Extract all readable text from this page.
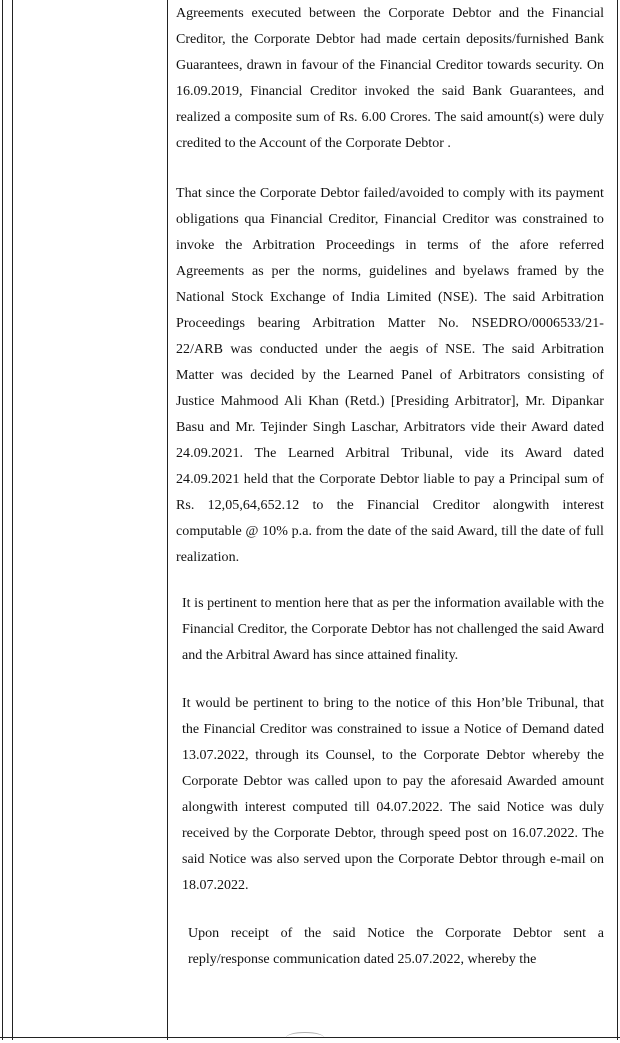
Agreements executed between the Corporate Debtor and the Financial Creditor, the Corporate Debtor had made certain deposits/furnished Bank Guarantees, drawn in favour of the Financial Creditor towards security. On 16.09.2019, Financial Creditor invoked the said Bank Guarantees, and realized a composite sum of Rs. 6.00 Crores. The said amount(s) were duly credited to the Account of the Corporate Debtor .

That since the Corporate Debtor failed/avoided to comply with its payment obligations qua Financial Creditor, Financial Creditor was constrained to invoke the Arbitration Proceedings in terms of the afore referred Agreements as per the norms, guidelines and byelaws framed by the National Stock Exchange of India Limited (NSE). The said Arbitration Proceedings bearing Arbitration Matter No. NSEDRO/0006533/21-22/ARB was conducted under the aegis of NSE. The said Arbitration Matter was decided by the Learned Panel of Arbitrators consisting of Justice Mahmood Ali Khan (Retd.) [Presiding Arbitrator], Mr. Dipankar Basu and Mr. Tejinder Singh Laschar, Arbitrators vide their Award dated 24.09.2021. The Learned Arbitral Tribunal, vide its Award dated 24.09.2021 held that the Corporate Debtor liable to pay a Principal sum of Rs. 12,05,64,652.12 to the Financial Creditor alongwith interest computable @ 10% p.a. from the date of the said Award, till the date of full realization.

It is pertinent to mention here that as per the information available with the Financial Creditor, the Corporate Debtor has not challenged the said Award and the Arbitral Award has since attained finality.

It would be pertinent to bring to the notice of this Hon’ble Tribunal, that the Financial Creditor was constrained to issue a Notice of Demand dated 13.07.2022, through its Counsel, to the Corporate Debtor whereby the Corporate Debtor was called upon to pay the aforesaid Awarded amount alongwith interest computed till 04.07.2022. The said Notice was duly received by the Corporate Debtor, through speed post on 16.07.2022. The said Notice was also served upon the Corporate Debtor through e-mail on 18.07.2022.

Upon receipt of the said Notice the Corporate Debtor sent a reply/response communication dated 25.07.2022, whereby the
